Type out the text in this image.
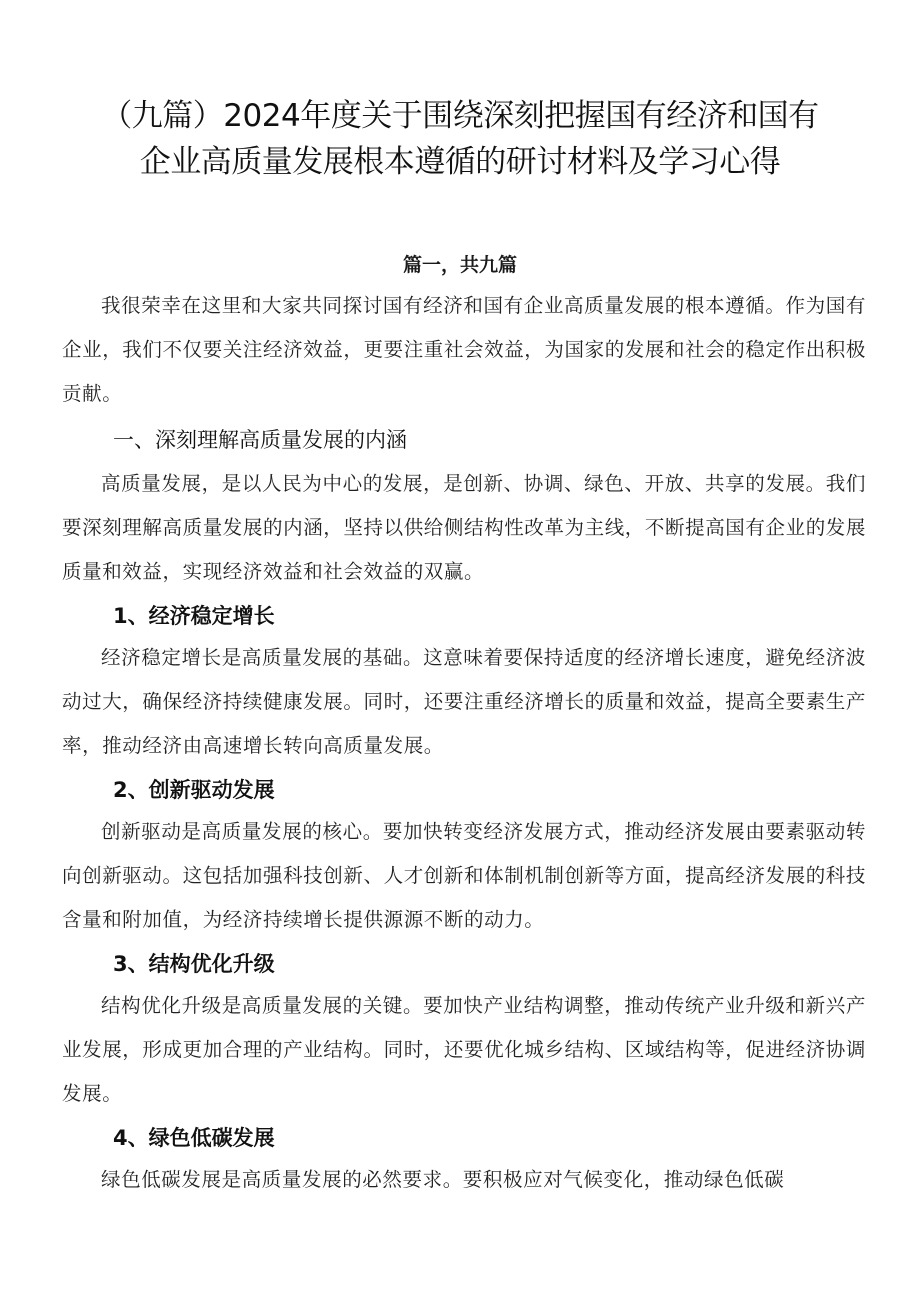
（九篇）2024年度关于围绕深刻把握国有经济和国有
企业高质量发展根本遵循的研讨材料及学习心得
篇一，共九篇

我很荣幸在这里和大家共同探讨国有经济和国有企业高质量发展的根本遵循。作为国有企业，我们不仅要关注经济效益，更要注重社会效益，为国家的发展和社会的稳定作出积极贡献。

一、深刻理解高质量发展的内涵

高质量发展，是以人民为中心的发展，是创新、协调、绿色、开放、共享的发展。我们要深刻理解高质量发展的内涵，坚持以供给侧结构性改革为主线，不断提高国有企业的发展质量和效益，实现经济效益和社会效益的双赢。

1、经济稳定增长

经济稳定增长是高质量发展的基础。这意味着要保持适度的经济增长速度，避免经济波动过大，确保经济持续健康发展。同时，还要注重经济增长的质量和效益，提高全要素生产率，推动经济由高速增长转向高质量发展。

2、创新驱动发展

创新驱动是高质量发展的核心。要加快转变经济发展方式，推动经济发展由要素驱动转向创新驱动。这包括加强科技创新、人才创新和体制机制创新等方面，提高经济发展的科技含量和附加值，为经济持续增长提供源源不断的动力。

3、结构优化升级

结构优化升级是高质量发展的关键。要加快产业结构调整，推动传统产业升级和新兴产业发展，形成更加合理的产业结构。同时，还要优化城乡结构、区域结构等，促进经济协调发展。

4、绿色低碳发展

绿色低碳发展是高质量发展的必然要求。要积极应对气候变化，推动绿色低碳
